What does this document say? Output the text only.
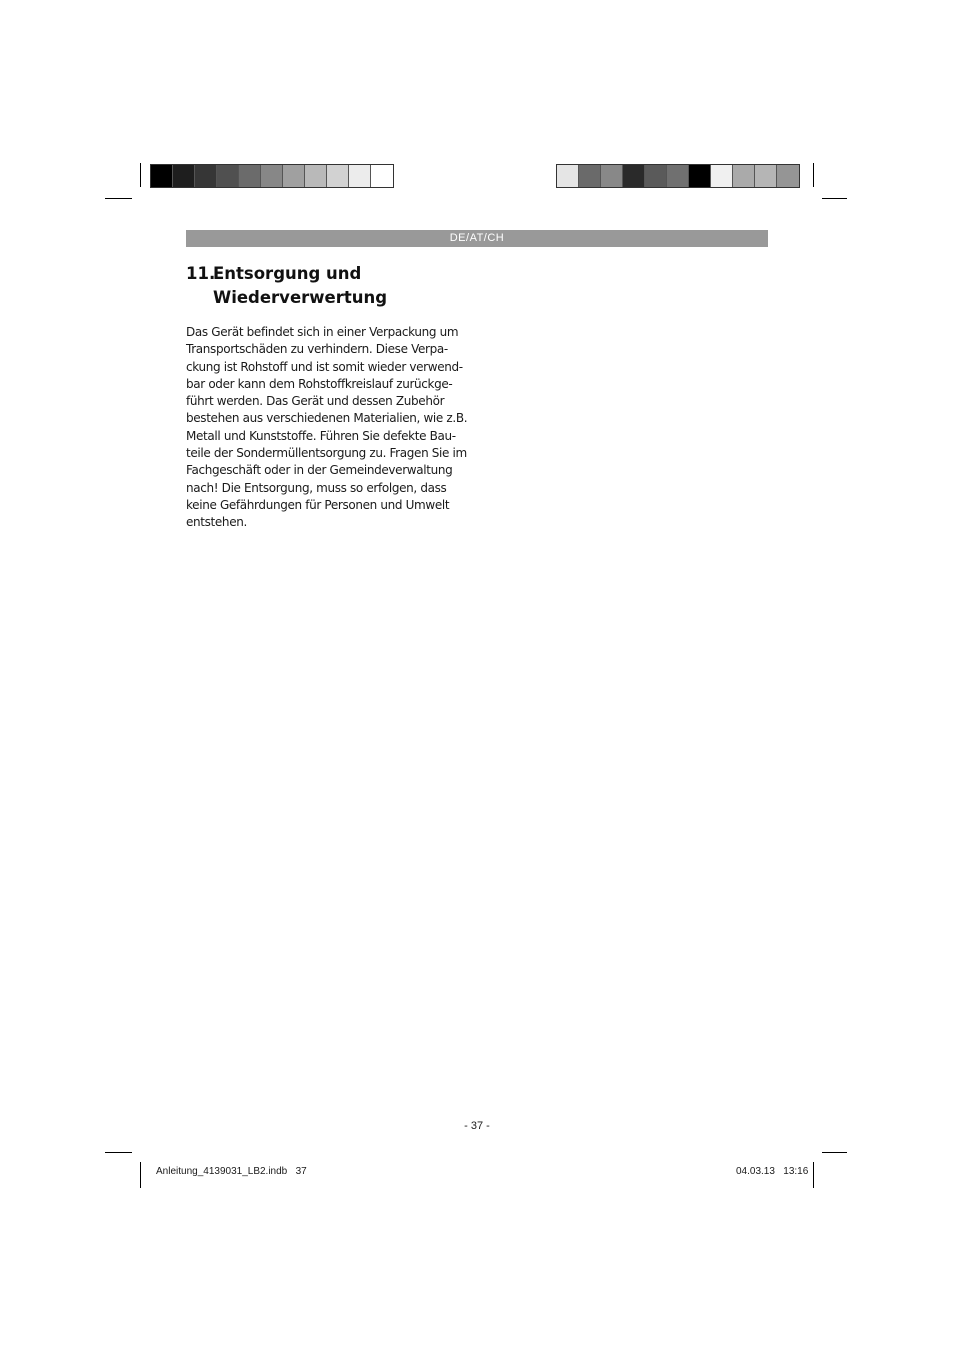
DE/AT/CH
11.
Entsorgung und
Wiederverwertung
Das Gerät befindet sich in einer Verpackung um
Transportschäden zu verhindern. Diese Verpa-
ckung ist Rohstoff und ist somit wieder verwend-
bar oder kann dem Rohstoffkreislauf zurückge-
führt werden. Das Gerät und dessen Zubehör
bestehen aus verschiedenen Materialien, wie z.B.
Metall und Kunststoffe. Führen Sie defekte Bau-
teile der Sondermüllentsorgung zu. Fragen Sie im
Fachgeschäft oder in der Gemeindeverwaltung
nach! Die Entsorgung, muss so erfolgen, dass
keine Gefährdungen für Personen und Umwelt
entstehen.
- 37 -
Anleitung_4139031_LB2.indb   37	04.03.13   13:16
